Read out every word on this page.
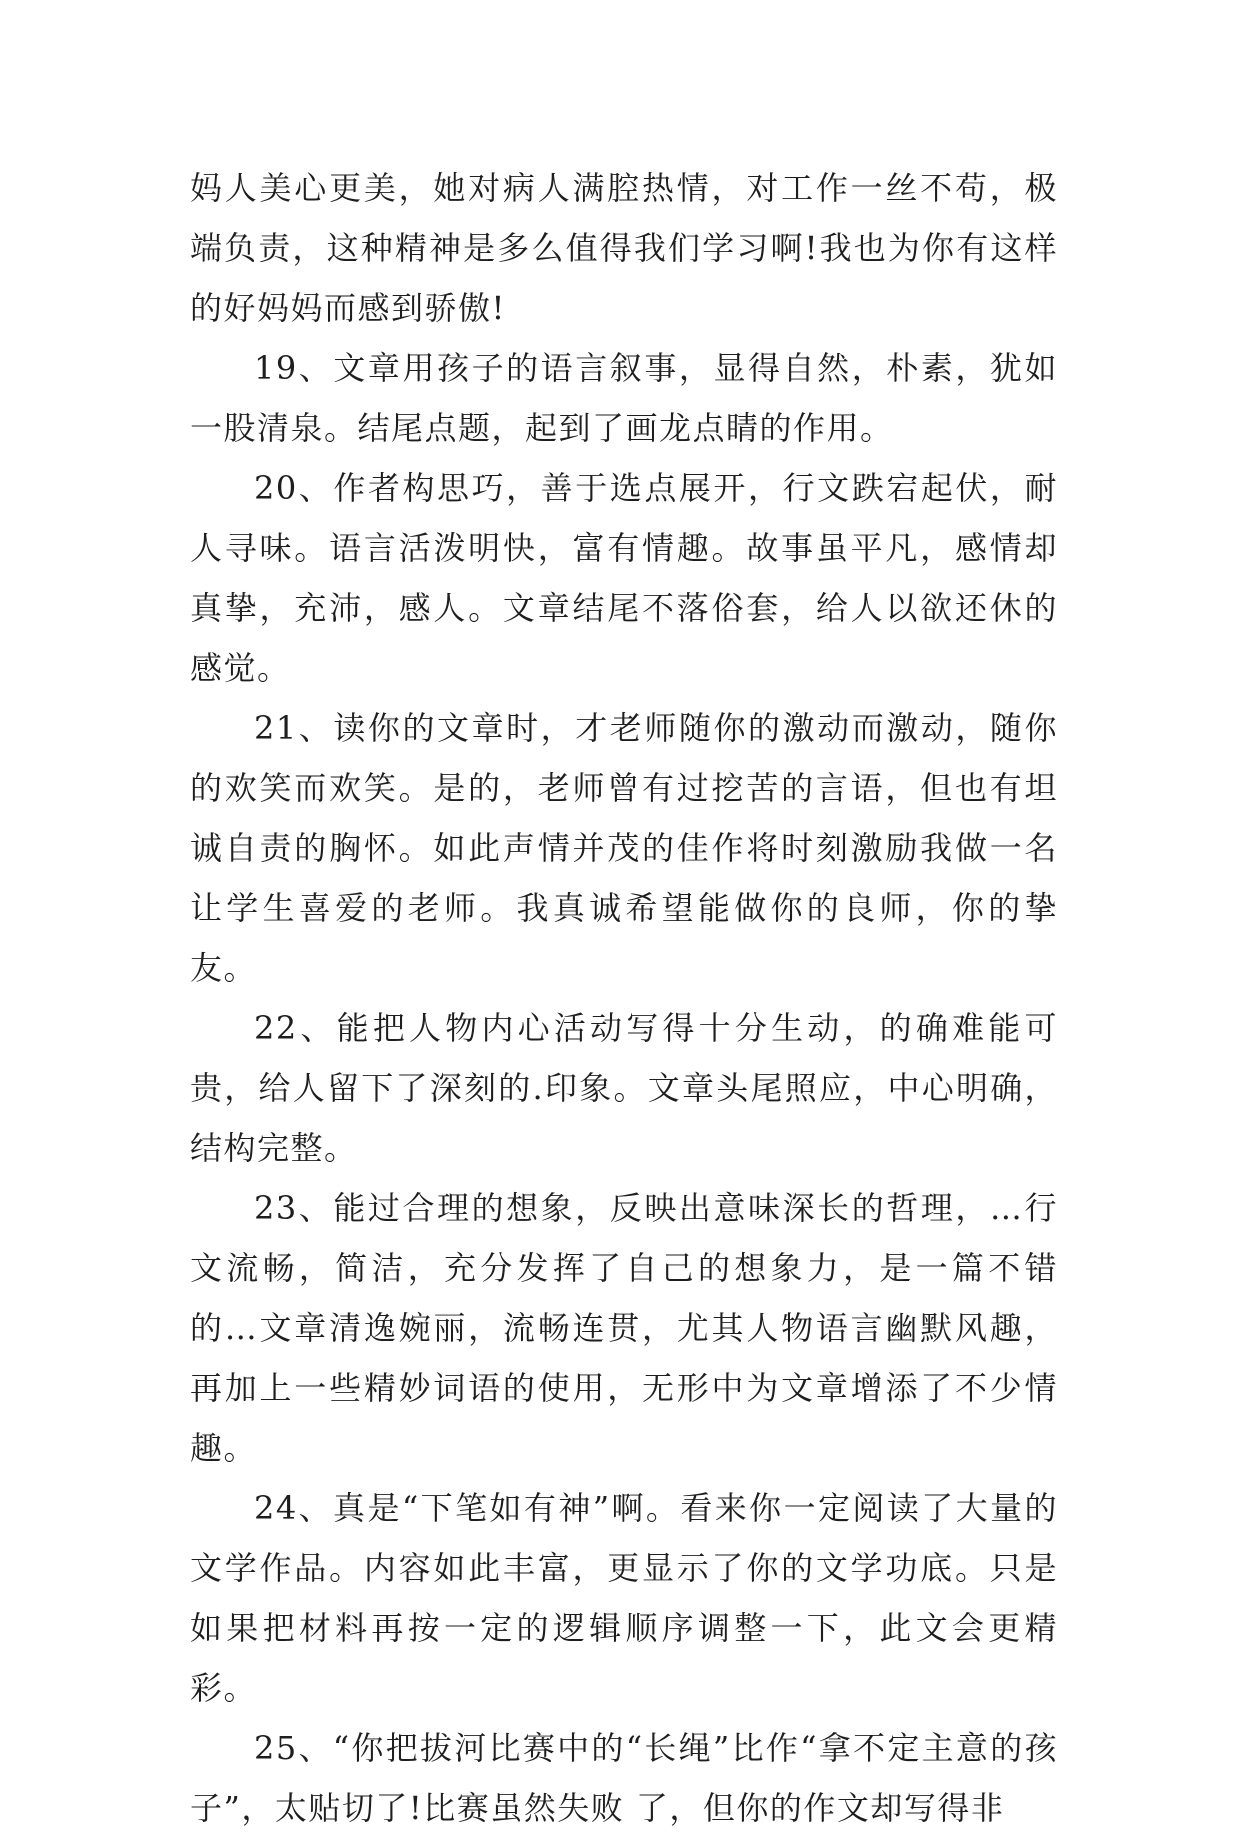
妈人美心更美，她对病人满腔热情，对工作一丝不苟，极端负责，这种精神是多么值得我们学习啊!我也为你有这样的好妈妈而感到骄傲!

19、文章用孩子的语言叙事，显得自然，朴素，犹如一股清泉。结尾点题，起到了画龙点睛的作用。

20、作者构思巧，善于选点展开，行文跌宕起伏，耐人寻味。语言活泼明快，富有情趣。故事虽平凡，感情却真挚，充沛，感人。文章结尾不落俗套，给人以欲还休的感觉。

21、读你的文章时，才老师随你的激动而激动，随你的欢笑而欢笑。是的，老师曾有过挖苦的言语，但也有坦诚自责的胸怀。如此声情并茂的佳作将时刻激励我做一名让学生喜爱的老师。我真诚希望能做你的良师，你的挚友。

22、能把人物内心活动写得十分生动，的确难能可贵，给人留下了深刻的.印象。文章头尾照应，中心明确，结构完整。

23、能过合理的想象，反映出意味深长的哲理，…行文流畅，简洁，充分发挥了自己的想象力，是一篇不错的…文章清逸婉丽，流畅连贯，尤其人物语言幽默风趣，再加上一些精妙词语的使用，无形中为文章增添了不少情趣。

24、真是“下笔如有神”啊。看来你一定阅读了大量的文学作品。内容如此丰富，更显示了你的文学功底。只是如果把材料再按一定的逻辑顺序调整一下，此文会更精彩。

25、“你把拔河比赛中的“长绳”比作“拿不定主意的孩子”，太贴切了!比赛虽然失败 了，但你的作文却写得非
